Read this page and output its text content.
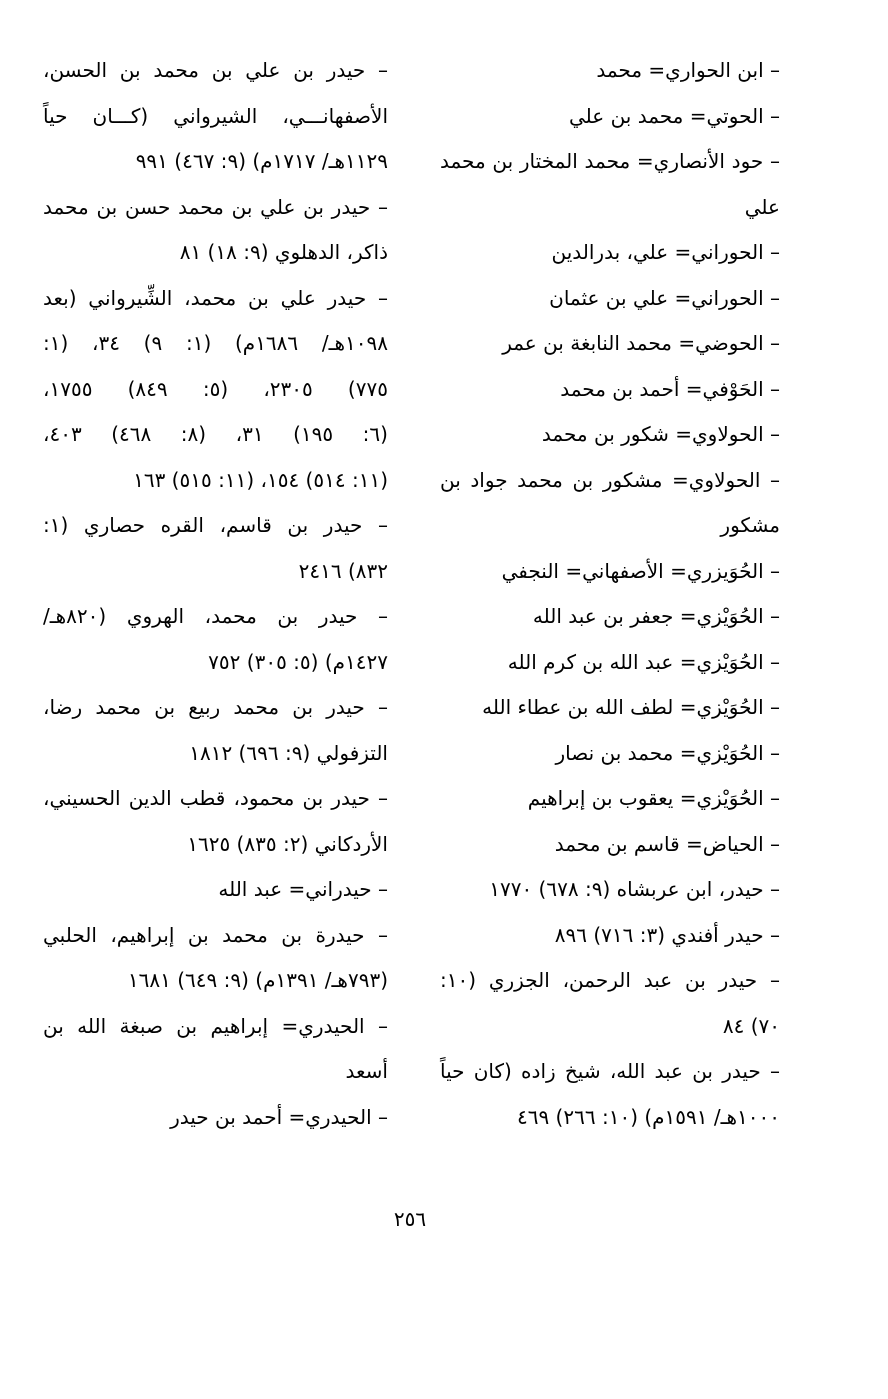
– ابن الحواري= محمد
– الحوتي= محمد بن علي
– حود الأنصاري= محمد المختار بن محمد
علي
– الحوراني= علي، بدرالدين
– الحوراني= علي بن عثمان
– الحوضي= محمد النابغة بن عمر
– الحَوْفي= أحمد بن محمد
– الحولاوي= شكور بن محمد
– الحولاوي= مشكور بن محمد جواد بن
مشكور
– الحُوَيزري= الأصفهاني= النجفي
– الحُوَيْزي= جعفر بن عبد الله
– الحُوَيْزي= عبد الله بن كرم الله
– الحُوَيْزي= لطف الله بن عطاء الله
– الحُوَيْزي= محمد بن نصار
– الحُوَيْزي= يعقوب بن إبراهيم
– الحياض= قاسم بن محمد
– حيدر، ابن عربشاه (٩: ٦٧٨) ١٧٧٠
– حيدر أفندي (٣: ٧١٦) ٨٩٦
– حيدر بن عبد الرحمن، الجزري (١٠:
٧٠) ٨٤
– حيدر بن عبد الله، شيخ زاده (كان حياً
١٠٠٠هـ/ ١٥٩١م) (١٠: ٢٦٦) ٤٦٩
– حيدر بن علي بن محمد بن الحسن،
الأصفهانـــي، الشيرواني (كـــان حياً
١١٢٩هـ/ ١٧١٧م) (٩: ٤٦٧) ٩٩١
– حيدر بن علي بن محمد حسن بن محمد
ذاكر، الدهلوي (٩: ١٨) ٨١
– حيدر علي بن محمد، الشِّيرواني (بعد
١٠٩٨هـ/ ١٦٨٦م) (١: ٩) ٣٤، (١:
٧٧٥) ٢٣٠٥، (٥: ٨٤٩) ١٧٥٥،
(٦: ١٩٥) ٣١، (٨: ٤٦٨) ٤٠٣،
(١١: ٥١٤) ١٥٤، (١١: ٥١٥) ١٦٣
– حيدر بن قاسم، القره حصاري (١:
٨٣٢) ٢٤١٦
– حيدر بن محمد، الهروي (٨٢٠هـ/
١٤٢٧م) (٥: ٣٠٥) ٧٥٢
– حيدر بن محمد ربيع بن محمد رضا،
التزفولي (٩: ٦٩٦) ١٨١٢
– حيدر بن محمود، قطب الدين الحسيني،
الأردكاني (٢: ٨٣٥) ١٦٢٥
– حيدراني= عبد الله
– حيدرة بن محمد بن إبراهيم، الحلبي
(٧٩٣هـ/ ١٣٩١م) (٩: ٦٤٩) ١٦٨١
– الحيدري= إبراهيم بن صبغة الله بن
أسعد
– الحيدري= أحمد بن حيدر
٢٥٦
